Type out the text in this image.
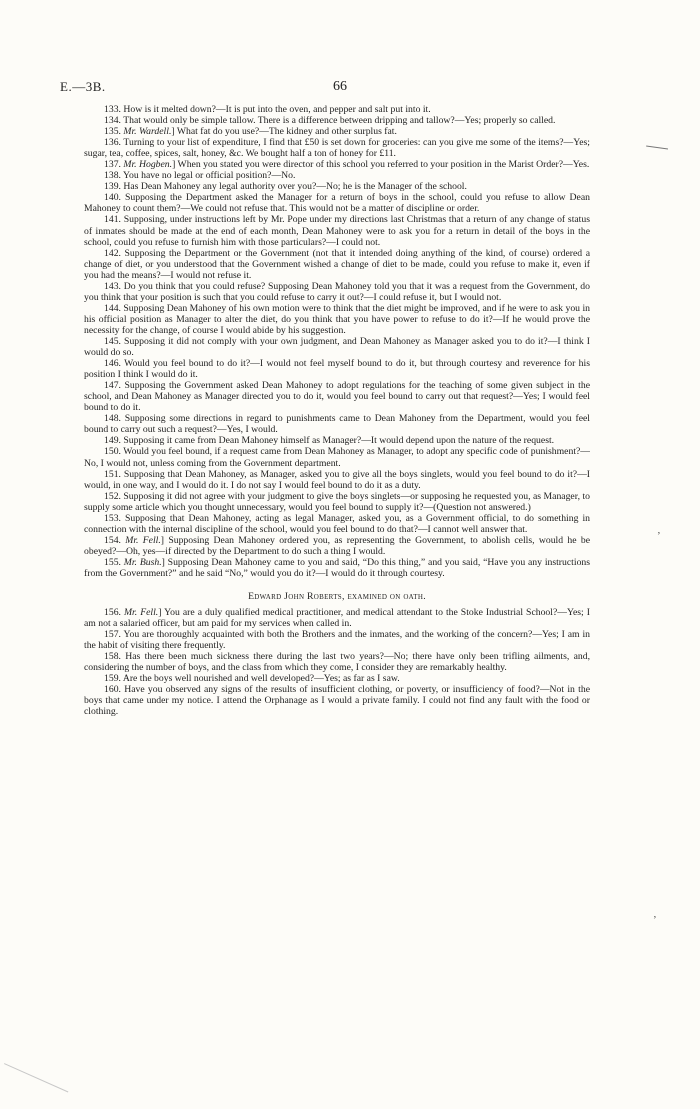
E.—3B.	66

133. How is it melted down?—It is put into the oven, and pepper and salt put into it.

134. That would only be simple tallow. There is a difference between dripping and tallow?—Yes; properly so called.

135. Mr. Wardell.] What fat do you use?—The kidney and other surplus fat.

136. Turning to your list of expenditure, I find that £50 is set down for groceries: can you give me some of the items?—Yes; sugar, tea, coffee, spices, salt, honey, &c. We bought half a ton of honey for £11.

137. Mr. Hogben.] When you stated you were director of this school you referred to your position in the Marist Order?—Yes.

138. You have no legal or official position?—No.

139. Has Dean Mahoney any legal authority over you?—No; he is the Manager of the school.

140. Supposing the Department asked the Manager for a return of boys in the school, could you refuse to allow Dean Mahoney to count them?—We could not refuse that. This would not be a matter of discipline or order.

141. Supposing, under instructions left by Mr. Pope under my directions last Christmas that a return of any change of status of inmates should be made at the end of each month, Dean Mahoney were to ask you for a return in detail of the boys in the school, could you refuse to furnish him with those particulars?—I could not.

142. Supposing the Department or the Government (not that it intended doing anything of the kind, of course) ordered a change of diet, or you understood that the Government wished a change of diet to be made, could you refuse to make it, even if you had the means?—I would not refuse it.

143. Do you think that you could refuse? Supposing Dean Mahoney told you that it was a request from the Government, do you think that your position is such that you could refuse to carry it out?—I could refuse it, but I would not.

144. Supposing Dean Mahoney of his own motion were to think that the diet might be improved, and if he were to ask you in his official position as Manager to alter the diet, do you think that you have power to refuse to do it?—If he would prove the necessity for the change, of course I would abide by his suggestion.

145. Supposing it did not comply with your own judgment, and Dean Mahoney as Manager asked you to do it?—I think I would do so.

146. Would you feel bound to do it?—I would not feel myself bound to do it, but through courtesy and reverence for his position I think I would do it.

147. Supposing the Government asked Dean Mahoney to adopt regulations for the teaching of some given subject in the school, and Dean Mahoney as Manager directed you to do it, would you feel bound to carry out that request?—Yes; I would feel bound to do it.

148. Supposing some directions in regard to punishments came to Dean Mahoney from the Department, would you feel bound to carry out such a request?—Yes, I would.

149. Supposing it came from Dean Mahoney himself as Manager?—It would depend upon the nature of the request.

150. Would you feel bound, if a request came from Dean Mahoney as Manager, to adopt any specific code of punishment?—No, I would not, unless coming from the Government department.

151. Supposing that Dean Mahoney, as Manager, asked you to give all the boys singlets, would you feel bound to do it?—I would, in one way, and I would do it. I do not say I would feel bound to do it as a duty.

152. Supposing it did not agree with your judgment to give the boys singlets—or supposing he requested you, as Manager, to supply some article which you thought unnecessary, would you feel bound to supply it?—(Question not answered.)

153. Supposing that Dean Mahoney, acting as legal Manager, asked you, as a Government official, to do something in connection with the internal discipline of the school, would you feel bound to do that?—I cannot well answer that.

154. Mr. Fell.] Supposing Dean Mahoney ordered you, as representing the Government, to abolish cells, would he be obeyed?—Oh, yes—if directed by the Department to do such a thing I would.

155. Mr. Bush.] Supposing Dean Mahoney came to you and said, “Do this thing,” and you said, “Have you any instructions from the Government?” and he said “No,” would you do it?—I would do it through courtesy.

Edward John Roberts, examined on oath.

156. Mr. Fell.] You are a duly qualified medical practitioner, and medical attendant to the Stoke Industrial School?—Yes; I am not a salaried officer, but am paid for my services when called in.

157. You are thoroughly acquainted with both the Brothers and the inmates, and the working of the concern?—Yes; I am in the habit of visiting there frequently.

158. Has there been much sickness there during the last two years?—No; there have only been trifling ailments, and, considering the number of boys, and the class from which they come, I consider they are remarkably healthy.

159. Are the boys well nourished and well developed?—Yes; as far as I saw.

160. Have you observed any signs of the results of insufficient clothing, or poverty, or insufficiency of food?—Not in the boys that came under my notice. I attend the Orphanage as I would a private family. I could not find any fault with the food or clothing.

‚
‚
